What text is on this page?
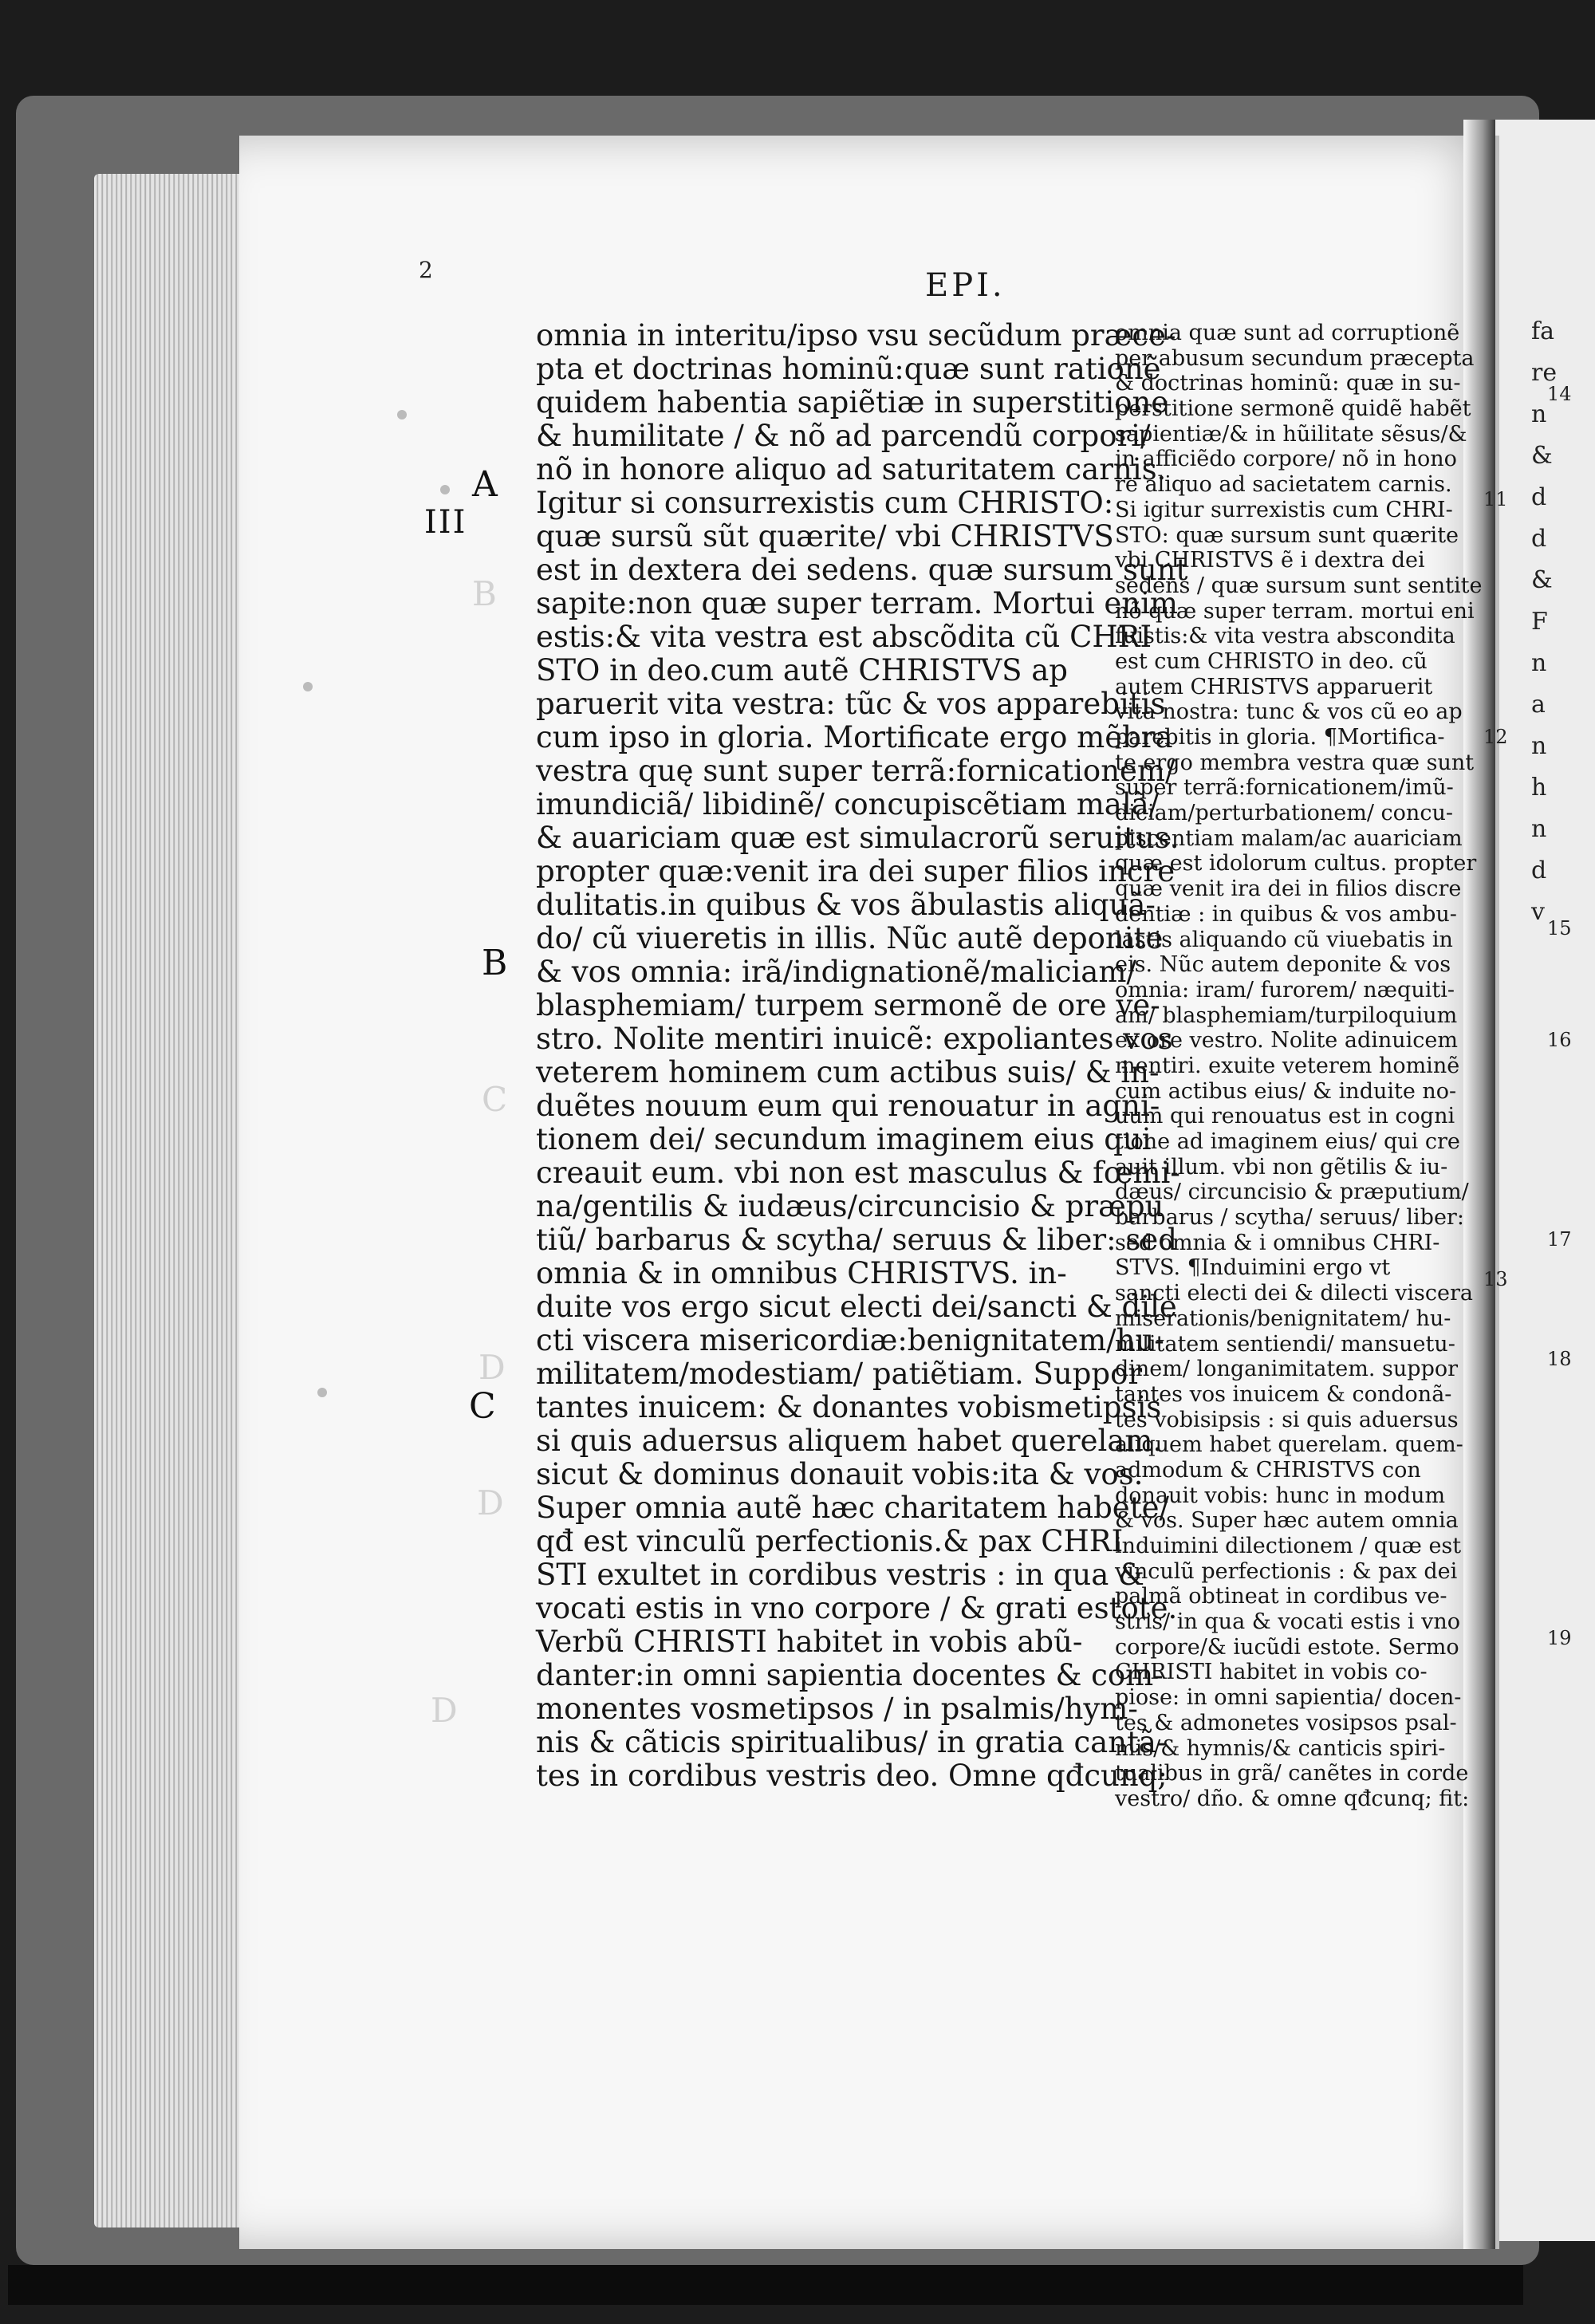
2	EPI.
III
A
B
C
B
C
D
D
D
omnia in interitu/ipso vsu secũdum præce-
pta et doctrinas hominũ:quæ sunt rationẽ
quidem habentia sapiẽtiæ in superstitione
& humilitate / & nõ ad parcendũ corpori/
nõ in honore aliquo ad saturitatem carnis.
Igitur si consurrexistis cum CHRISTO:
quæ sursũ sũt quærite/ vbi CHRISTVS
est in dextera dei sedens. quæ sursum sunt
sapite:non quæ super terram. Mortui enim
estis:& vita vestra est abscõdita cũ CHRI
STO in deo.cum autẽ CHRISTVS ap
paruerit vita vestra: tũc & vos apparebitis
cum ipso in gloria. Mortificate ergo mẽbra
vestra quę sunt super terrã:fornicationem/
imundiciã/ libidinẽ/ concupiscẽtiam malã/
& auariciam quæ est simulacrorũ seruitus.
propter quæ:venit ira dei super filios incre
dulitatis.in quibus & vos ãbulastis aliquã-
do/ cũ viueretis in illis. Nũc autẽ deponite
& vos omnia: irã/indignationẽ/maliciam/
blasphemiam/ turpem sermonẽ de ore ve-
stro. Nolite mentiri inuicẽ: expoliantes vos
veterem hominem cum actibus suis/ & in-
duẽtes nouum eum qui renouatur in agni-
tionem dei/ secundum imaginem eius qui
creauit eum. vbi non est masculus & fœmi-
na/gentilis & iudæus/circuncisio & præpu
tiũ/ barbarus & scytha/ seruus & liber: sed
omnia & in omnibus CHRISTVS. in-
duite vos ergo sicut electi dei/sancti & dile
cti viscera misericordiæ:benignitatem/hu-
militatem/modestiam/ patiẽtiam. Suppor
tantes inuicem: & donantes vobismetipsis
si quis aduersus aliquem habet querelam.
sicut & dominus donauit vobis:ita & vos.
Super omnia autẽ hæc charitatem habete/
qđ est vinculũ perfectionis.& pax CHRI
STI exultet in cordibus vestris : in qua &
vocati estis in vno corpore / & grati estote.
Verbũ CHRISTI habitet in vobis abũ-
danter:in omni sapientia docentes & com-
monentes vosmetipsos / in psalmis/hym-
nis & cãticis spiritualibus/ in gratia cantã-
tes in cordibus vestris deo. Omne qđcunq;
omnia quæ sunt ad corruptionẽ
per abusum secundum præcepta
& doctrinas hominũ: quæ in su-
perstitione sermonẽ quidẽ habẽt
sapientiæ/& in hũilitate sẽsus/&
in afficiẽdo corpore/ nõ in hono
re aliquo ad sacietatem carnis.
Si igitur surrexistis cum CHRI-
STO: quæ sursum sunt quærite
vbi CHRISTVS ẽ i dextra dei
sedens / quæ sursum sunt sentite
nõ quæ super terram. mortui eni
fuistis:& vita vestra abscondita
est cum CHRISTO in deo. cũ
autem CHRISTVS apparuerit
vita nostra: tunc & vos cũ eo ap
parebitis in gloria. ¶Mortifica-
te ergo membra vestra quæ sunt
super terrã:fornicationem/imũ-
diciam/perturbationem/ concu-
piscentiam malam/ac auariciam
quæ est idolorum cultus. propter
quæ venit ira dei in filios discre
dentiæ : in quibus & vos ambu-
lastis aliquando cũ viuebatis in
eis. Nũc autem deponite & vos
omnia: iram/ furorem/ næquiti-
am/ blasphemiam/turpiloquium
ex ore vestro. Nolite adinuicem
mentiri. exuite veterem hominẽ
cum actibus eius/ & induite no-
uum qui renouatus est in cogni
tione ad imaginem eius/ qui cre
auit illum. vbi non gẽtilis & iu-
dæus/ circuncisio & præputium/
barbarus / scytha/ seruus/ liber:
sed omnia & i omnibus CHRI-
STVS. ¶Induimini ergo vt
sancti electi dei & dilecti viscera
miserationis/benignitatem/ hu-
militatem sentiendi/ mansuetu-
dinem/ longanimitatem. suppor
tantes vos inuicem & condonã-
tes vobisipsis : si quis aduersus
aliquem habet querelam. quem-
admodum & CHRISTVS con
donauit vobis: hunc in modum
& vos. Super hæc autem omnia
induimini dilectionem / quæ est
vinculũ perfectionis : & pax dei
palmã obtineat in cordibus ve-
stris/ in qua & vocati estis i vno
corpore/& iucũdi estote. Sermo
CHRISTI habitet in vobis co-
piose: in omni sapientia/ docen-
tes & admonetes vosipsos psal-
mis/& hymnis/& canticis spiri-
tualibus in grã/ canẽtes in corde
vestro/ dño. & omne qđcunq; fit:
11
12
13
fa
re
n
&
d
d
&
F
n
a
n
h
n
d
v
14
15
16
17
18
19
